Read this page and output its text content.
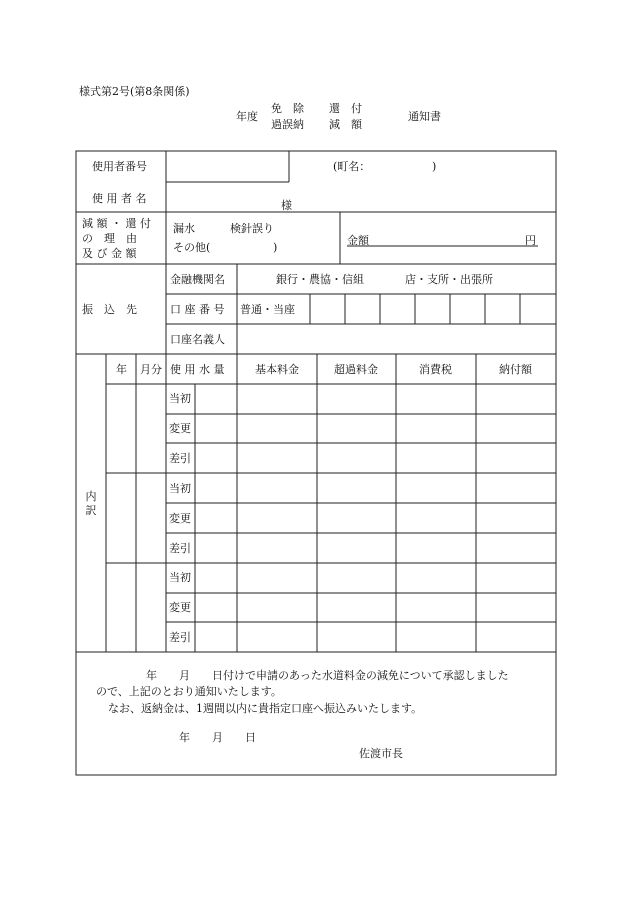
様式第2号(第8条関係)
年度
免　除 還　付
過誤納 減　額
通知書
使用者番号	(町名：	)
使 用 者 名
様
減 額 ・ 還 付
の　理　由
及 び 金 額
漏水	検針誤り
その他(	)
金額	円
振　込　先
金融機関名	銀行・農協・信組	店・支所・出張所
口 座 番 号 普通・当座
口座名義人
内
訳
年 月分 使 用 水 量	基本料金	超過料金	消費税	納付額
当初
変更
差引
当初
変更
差引
当初
変更
差引
年　　月　　日付けで申請のあった水道料金の減免について承認しました
ので、上記のとおり通知いたします。
なお、返納金は、1週間以内に貴指定口座へ振込みいたします。
年　　月　　日
佐渡市長
